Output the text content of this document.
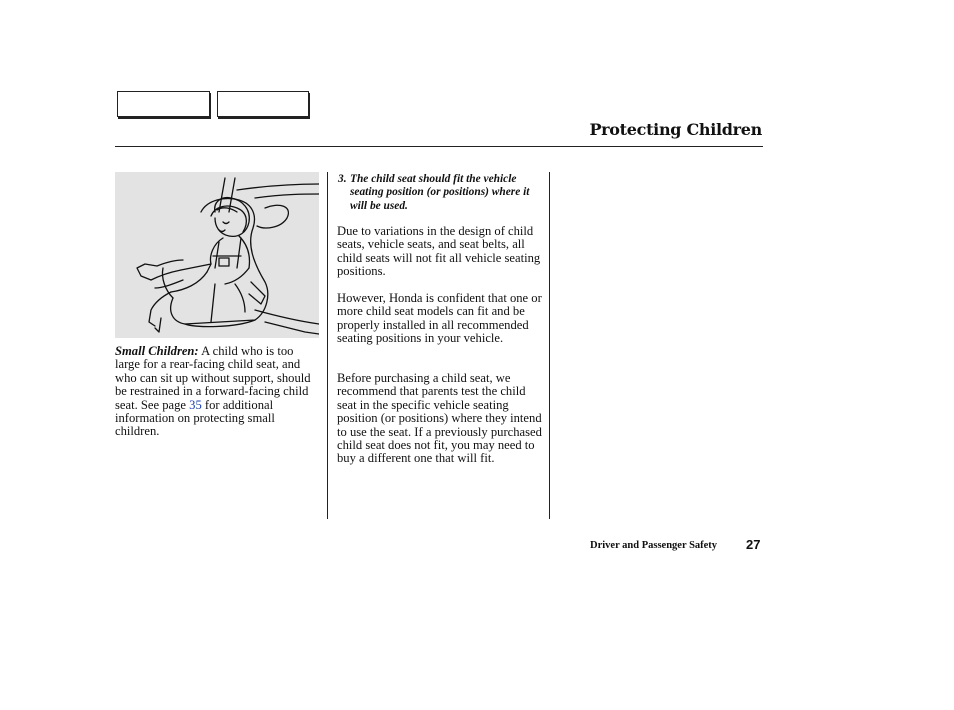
Protecting Children
Small Children: A child who is too large for a rear-facing child seat, and who can sit up without support, should be restrained in a forward-facing child seat. See page 35 for additional information on protecting small children.
3. The child seat should fit the vehicle seating position (or positions) where it will be used.

Due to variations in the design of child seats, vehicle seats, and seat belts, all child seats will not fit all vehicle seating positions.

However, Honda is confident that one or more child seat models can fit and be properly installed in all recommended seating positions in your vehicle.

Before purchasing a child seat, we recommend that parents test the child seat in the specific vehicle seating position (or positions) where they intend to use the seat. If a previously purchased child seat does not fit, you may need to buy a different one that will fit.

Driver and Passenger Safety 27
